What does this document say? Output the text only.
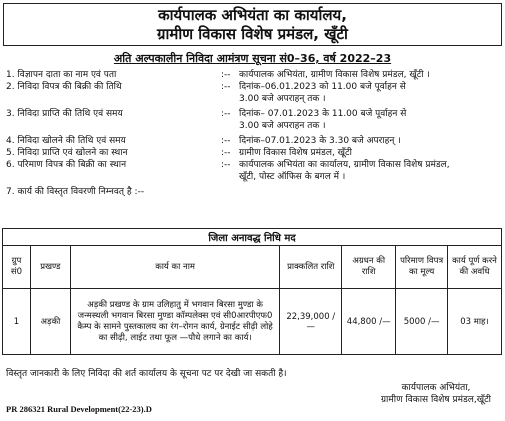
कार्यपालक अभियंता का कार्यालय,
ग्रामीण विकास विशेष प्रमंडल, खूँटी
अति अल्पकालीन निविदा आमंत्रण सूचना सं0–36, वर्ष 2022–23
1. विज्ञापन दाता का नाम एवं पता	:-- कार्यपालक अभियंता, ग्रामीण विकास विशेष प्रमंडल, खूँटी ।
2. निविदा विपत्र की बिक्री की तिथि	:-- दिनांक–06.01.2023 को 11.00 बजे पूर्वाहन से
3.00 बजे अपराहन् तक ।
3. निविदा प्राप्ति की तिथि एवं समय	:-- दिनांक– 07.01.2023 के 11.00 बजे पूर्वाहन से
3.00 बजे अपराहन तक ।
4. निविदा खोलने की तिथि एवं समय	:-- दिनांक–07.01.2023 के 3.30 बजे अपराहन् ।
5. निविदा प्राप्ति एवं खोलने का स्थान	:-- ग्रामीण विकास विशेष प्रमंडल, खूँटी
6. परिमाण विपत्र की बिक्री का स्थान	:-- कार्यपालक अभियंता का कार्यालय, ग्रामीण विकास विशेष प्रमंडल,
खूँटी, पोस्ट ऑफिस के बगल में ।
7. कार्य की विस्तृत विवरणी निम्नवत् है :--
जिला अनावद्ध निधि मद						
ग्रुप सं0	प्रखण्ड	कार्य का नाम	प्राक्कलित राशि	अग्रधन की राशि	परिमाण विपत्र का मूल्य	कार्य पूर्ण करने की अवधि
1	अड़की	अड़की प्रखण्ड के ग्राम उलिहातु में भगवान बिरसा मुण्डा के जन्मस्थली भगवान बिरसा मुण्डा कॉम्पलेक्स एवं सी0आरपीएफ0 कैम्प के सामने पुस्तकालय का रंग–रोगन कार्य, ग्रेनाईट सीढ़ी लोहे का सीढ़ी, लाईट तथा फूल —पौधे लगाने का कार्य।	22,39,000 /—	44,800 /—	5000 /—	03 माह।
विस्तृत जानकारी के लिए निविदा की शर्त कार्यालय के सूचना पट पर देखी जा सकती है।
कार्यपालक अभियंता,
ग्रामीण विकास विशेष प्रमंडल,खूँटी
PR 286321 Rural Development(22-23).D
